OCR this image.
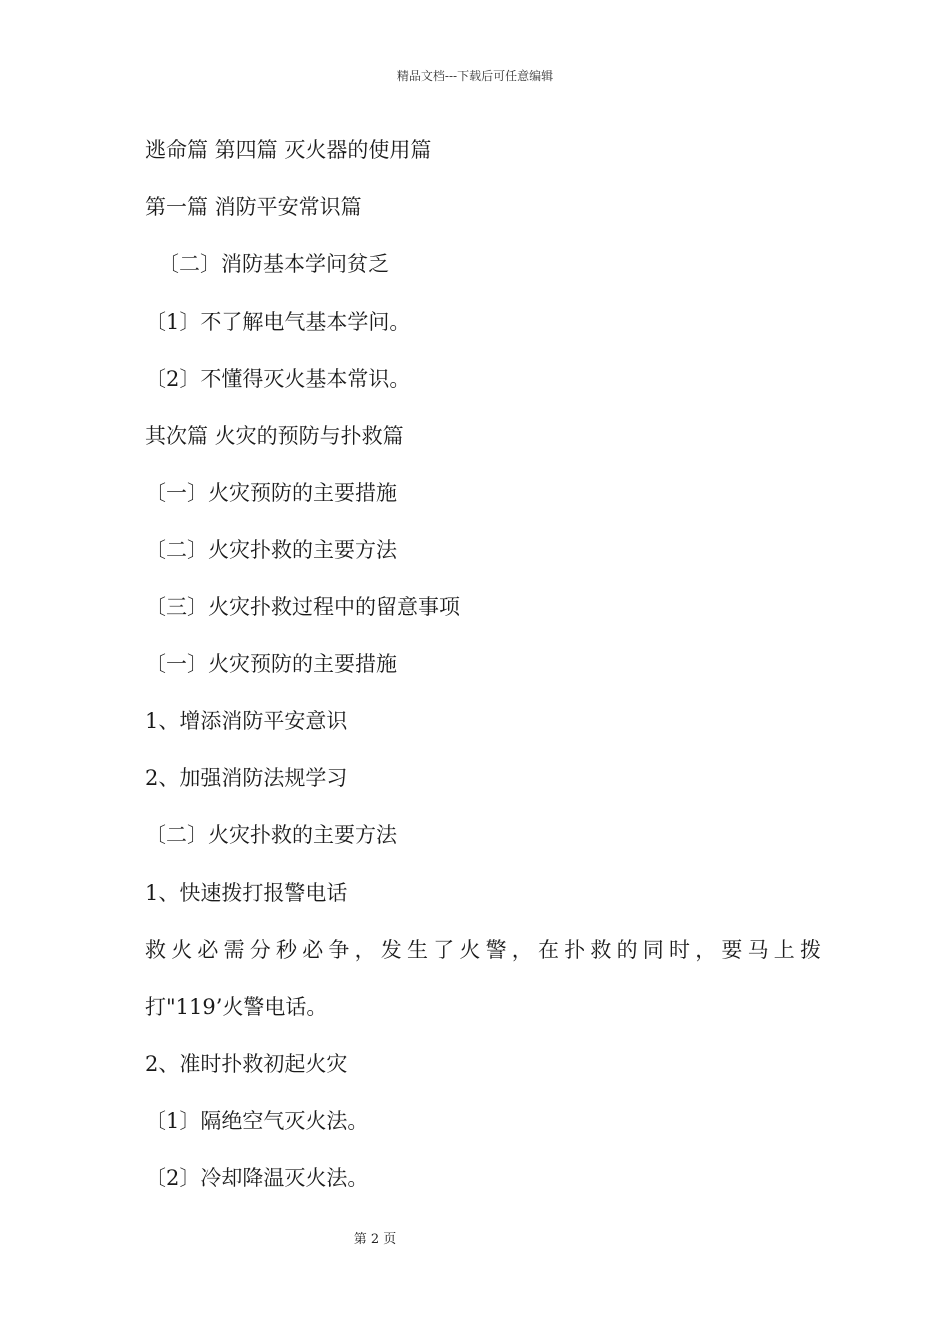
精品文档---下载后可任意编辑
逃命篇 第四篇 灭火器的使用篇
第一篇 消防平安常识篇
〔二〕消防基本学问贫乏
〔1〕不了解电气基本学问。
〔2〕不懂得灭火基本常识。
其次篇 火灾的预防与扑救篇
〔一〕火灾预防的主要措施
〔二〕火灾扑救的主要方法
〔三〕火灾扑救过程中的留意事项
〔一〕火灾预防的主要措施
1、增添消防平安意识
2、加强消防法规学习
〔二〕火灾扑救的主要方法
1、快速拨打报警电话
救火必需分秒必争，发生了火警，在扑救的同时，要马上拨
打"119’火警电话。
2、准时扑救初起火灾
〔1〕隔绝空气灭火法。
〔2〕冷却降温灭火法。
第 2 页
